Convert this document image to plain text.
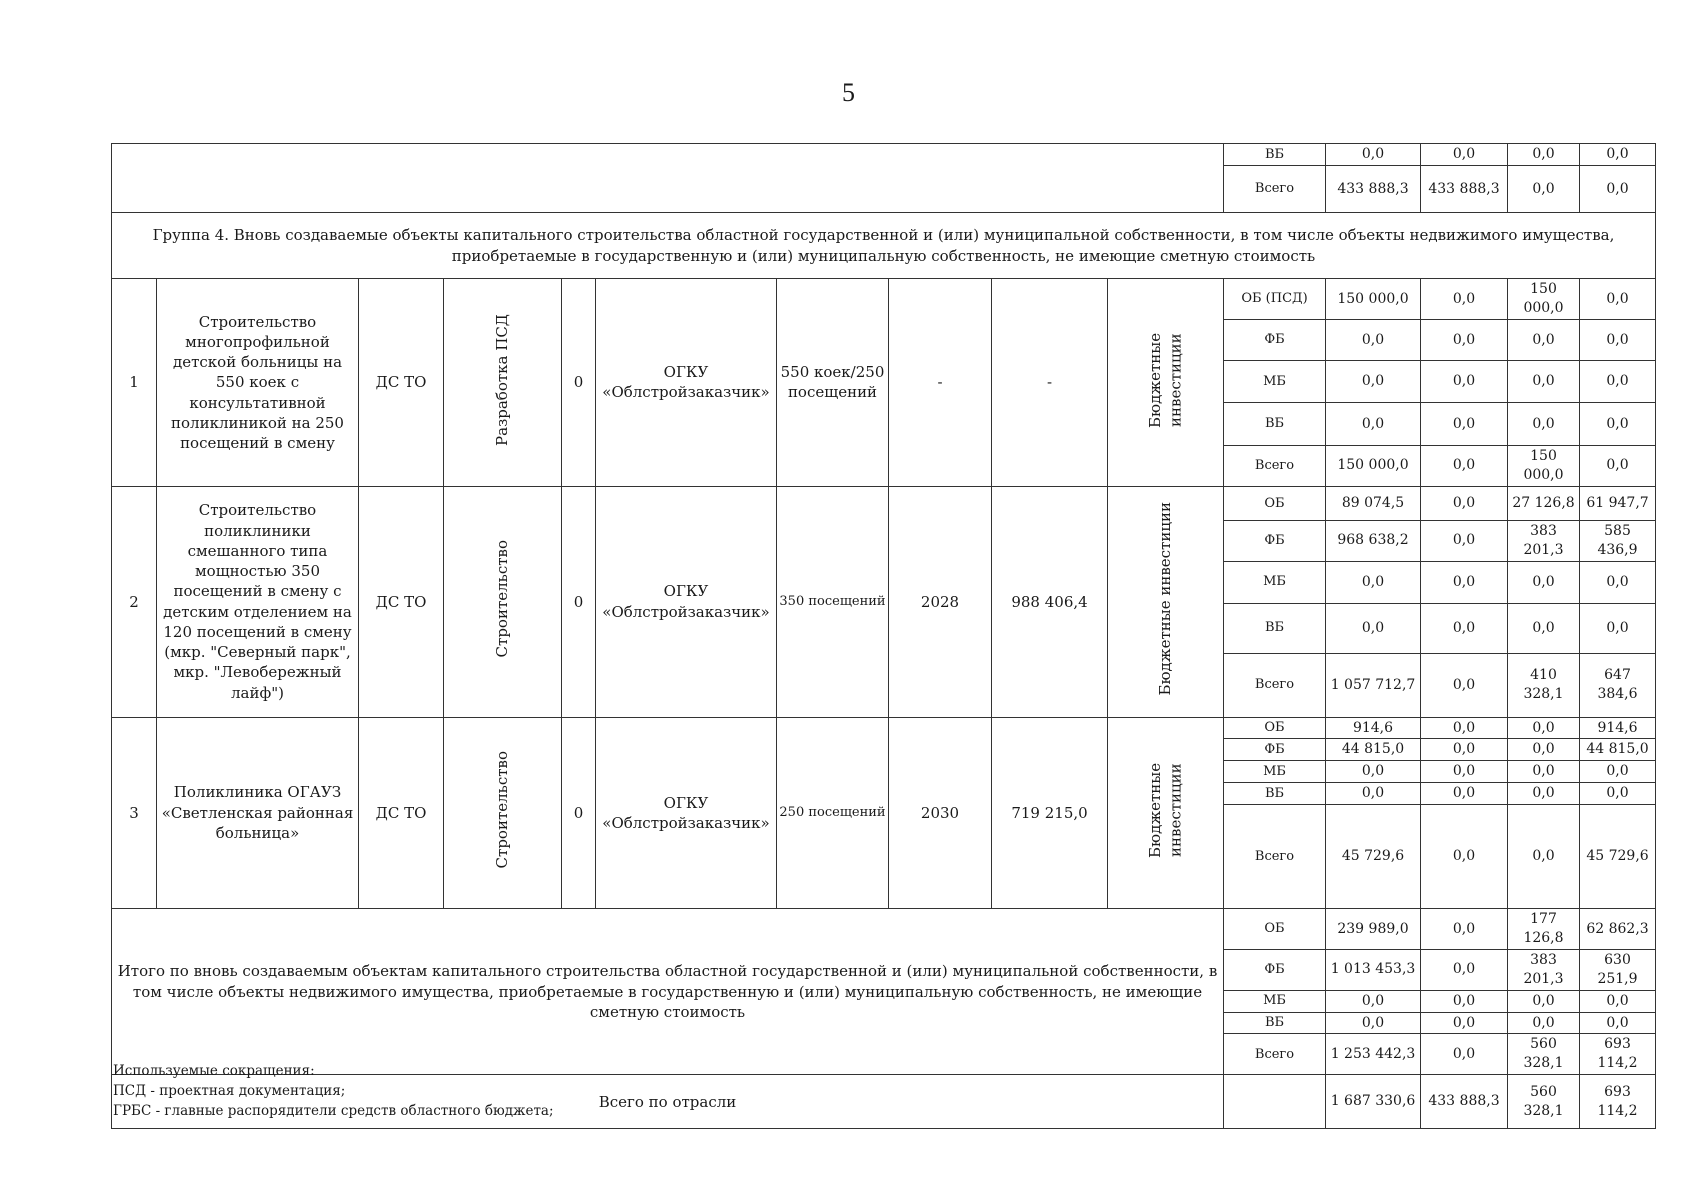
5
										ВБ	0,0	0,0	0,0	0,0
										Всего	433 888,3	433 888,3	0,0	0,0
Группа 4. Вновь создаваемые объекты капитального строительства областной государственной и (или) муниципальной собственности, в том числе объекты недвижимого имущества, приобретаемые в государственную и (или) муниципальную собственность, не имеющие сметную стоимость														
1	Строительство многопрофильной детской больницы на 550 коек с консультативной поликлиникой на 250 посещений в смену	ДС ТО	Разработка ПСД	0	ОГКУ «Облстройзаказчик»	550 коек/250 посещений	-	-	Бюджетные инвестиции	ОБ (ПСД)	150 000,0	0,0	150 000,0	0,0
										ФБ	0,0	0,0	0,0	0,0
										МБ	0,0	0,0	0,0	0,0
										ВБ	0,0	0,0	0,0	0,0
										Всего	150 000,0	0,0	150 000,0	0,0
2	Строительство поликлиники смешанного типа мощностью 350 посещений в смену с детским отделением на 120 посещений в смену (мкр. "Северный парк", мкр. "Левобережный лайф")	ДС ТО	Строительство	0	ОГКУ «Облстройзаказчик»	350 посещений	2028	988 406,4	Бюджетные инвестиции	ОБ	89 074,5	0,0	27 126,8	61 947,7
										ФБ	968 638,2	0,0	383 201,3	585 436,9
										МБ	0,0	0,0	0,0	0,0
										ВБ	0,0	0,0	0,0	0,0
										Всего	1 057 712,7	0,0	410 328,1	647 384,6
3	Поликлиника ОГАУЗ «Светленская районная больница»	ДС ТО	Строительство	0	ОГКУ «Облстройзаказчик»	250 посещений	2030	719 215,0	Бюджетные инвестиции	ОБ	914,6	0,0	0,0	914,6
										ФБ	44 815,0	0,0	0,0	44 815,0
										МБ	0,0	0,0	0,0	0,0
										ВБ	0,0	0,0	0,0	0,0
										Всего	45 729,6	0,0	0,0	45 729,6
Итого по вновь создаваемым объектам капитального строительства областной государственной и (или) муниципальной собственности, в том числе объекты недвижимого имущества, приобретаемые в государственную и (или) муниципальную собственность, не имеющие сметную стоимость										ОБ	239 989,0	0,0	177 126,8	62 862,3
										ФБ	1 013 453,3	0,0	383 201,3	630 251,9
										МБ	0,0	0,0	0,0	0,0
										ВБ	0,0	0,0	0,0	0,0
										Всего	1 253 442,3	0,0	560 328,1	693 114,2
Всего по отрасли											1 687 330,6	433 888,3	560 328,1	693 114,2
Используемые сокращения:
ПСД - проектная документация;
ГРБС - главные распорядители средств областного бюджета;
